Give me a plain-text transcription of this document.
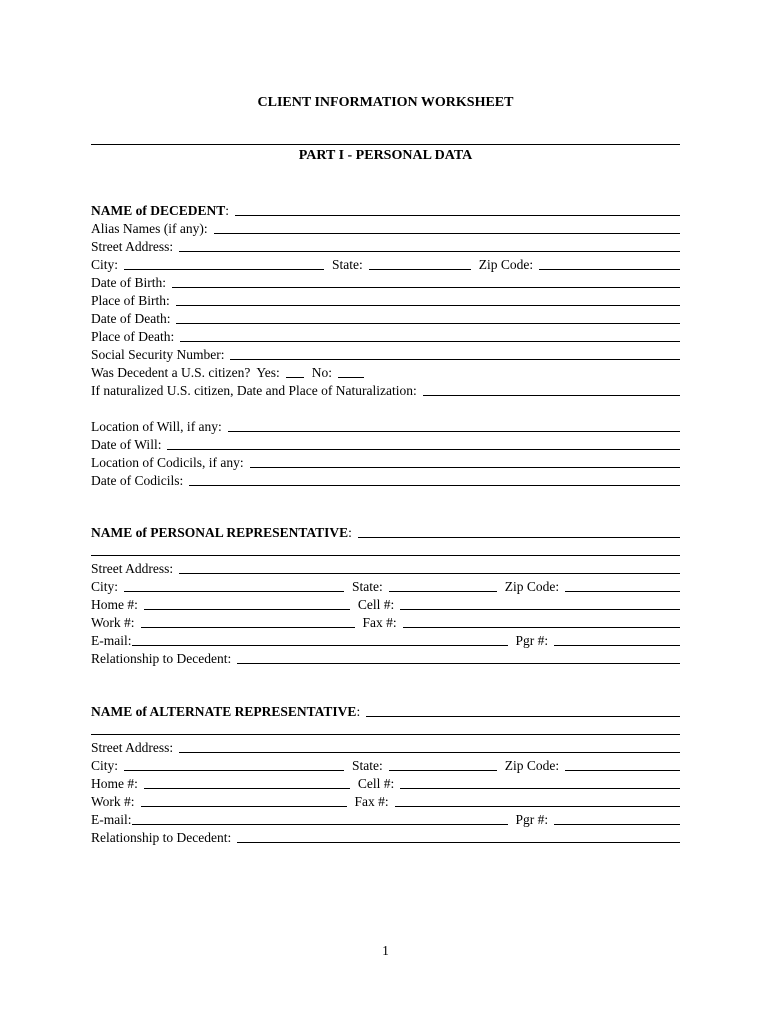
CLIENT INFORMATION WORKSHEET
PART I - PERSONAL DATA
NAME of DECEDENT:
Alias Names (if any):
Street Address:
City:	State:	Zip Code:
Date of Birth:
Place of Birth:
Date of Death:
Place of Death:
Social Security Number:
Was Decedent a U.S. citizen? Yes:	No:
If naturalized U.S. citizen, Date and Place of Naturalization:
Location of Will, if any:
Date of Will:
Location of Codicils, if any:
Date of Codicils:
NAME of PERSONAL REPRESENTATIVE:
Street Address:
City:	State:	Zip Code:
Home #:	Cell #:
Work #:	Fax #:
E-mail:	Pgr #:
Relationship to Decedent:
NAME of ALTERNATE REPRESENTATIVE:
Street Address:
City:	State:	Zip Code:
Home #:	Cell #:
Work #:	Fax #:
E-mail:	Pgr #:
Relationship to Decedent:
1
